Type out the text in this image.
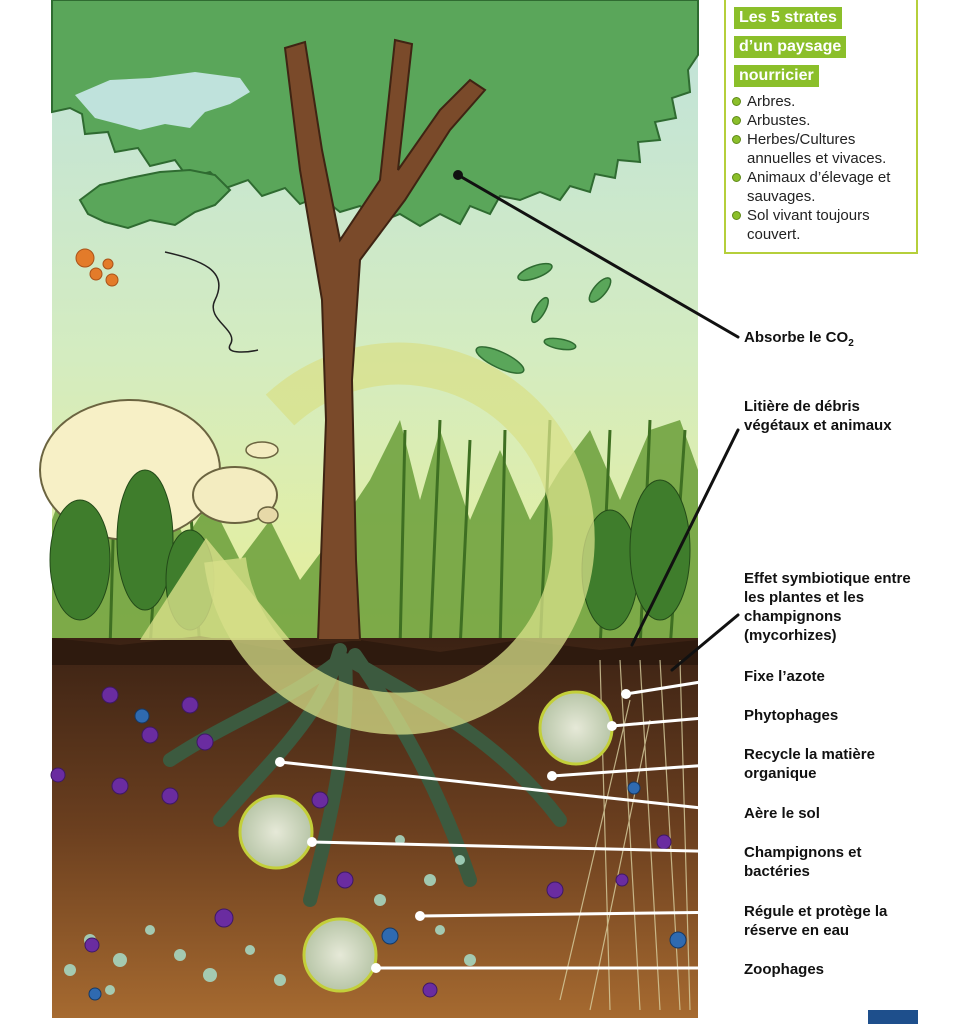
Les 5 strates
d’un paysage
nourricier
Arbres.
Arbustes.
Herbes/Cultures annuelles et vivaces.
Animaux d’élevage et sauvages.
Sol vivant toujours couvert.
Absorbe le $CO_2$
Litière de débris végétaux et animaux
Effet symbiotique entre les plantes et les champignons (mycorhizes)
Fixe l’azote
Phytophages
Recycle la matière organique
Aère le sol
Champignons et bactéries
Régule et protège la réserve en eau
Zoophages
